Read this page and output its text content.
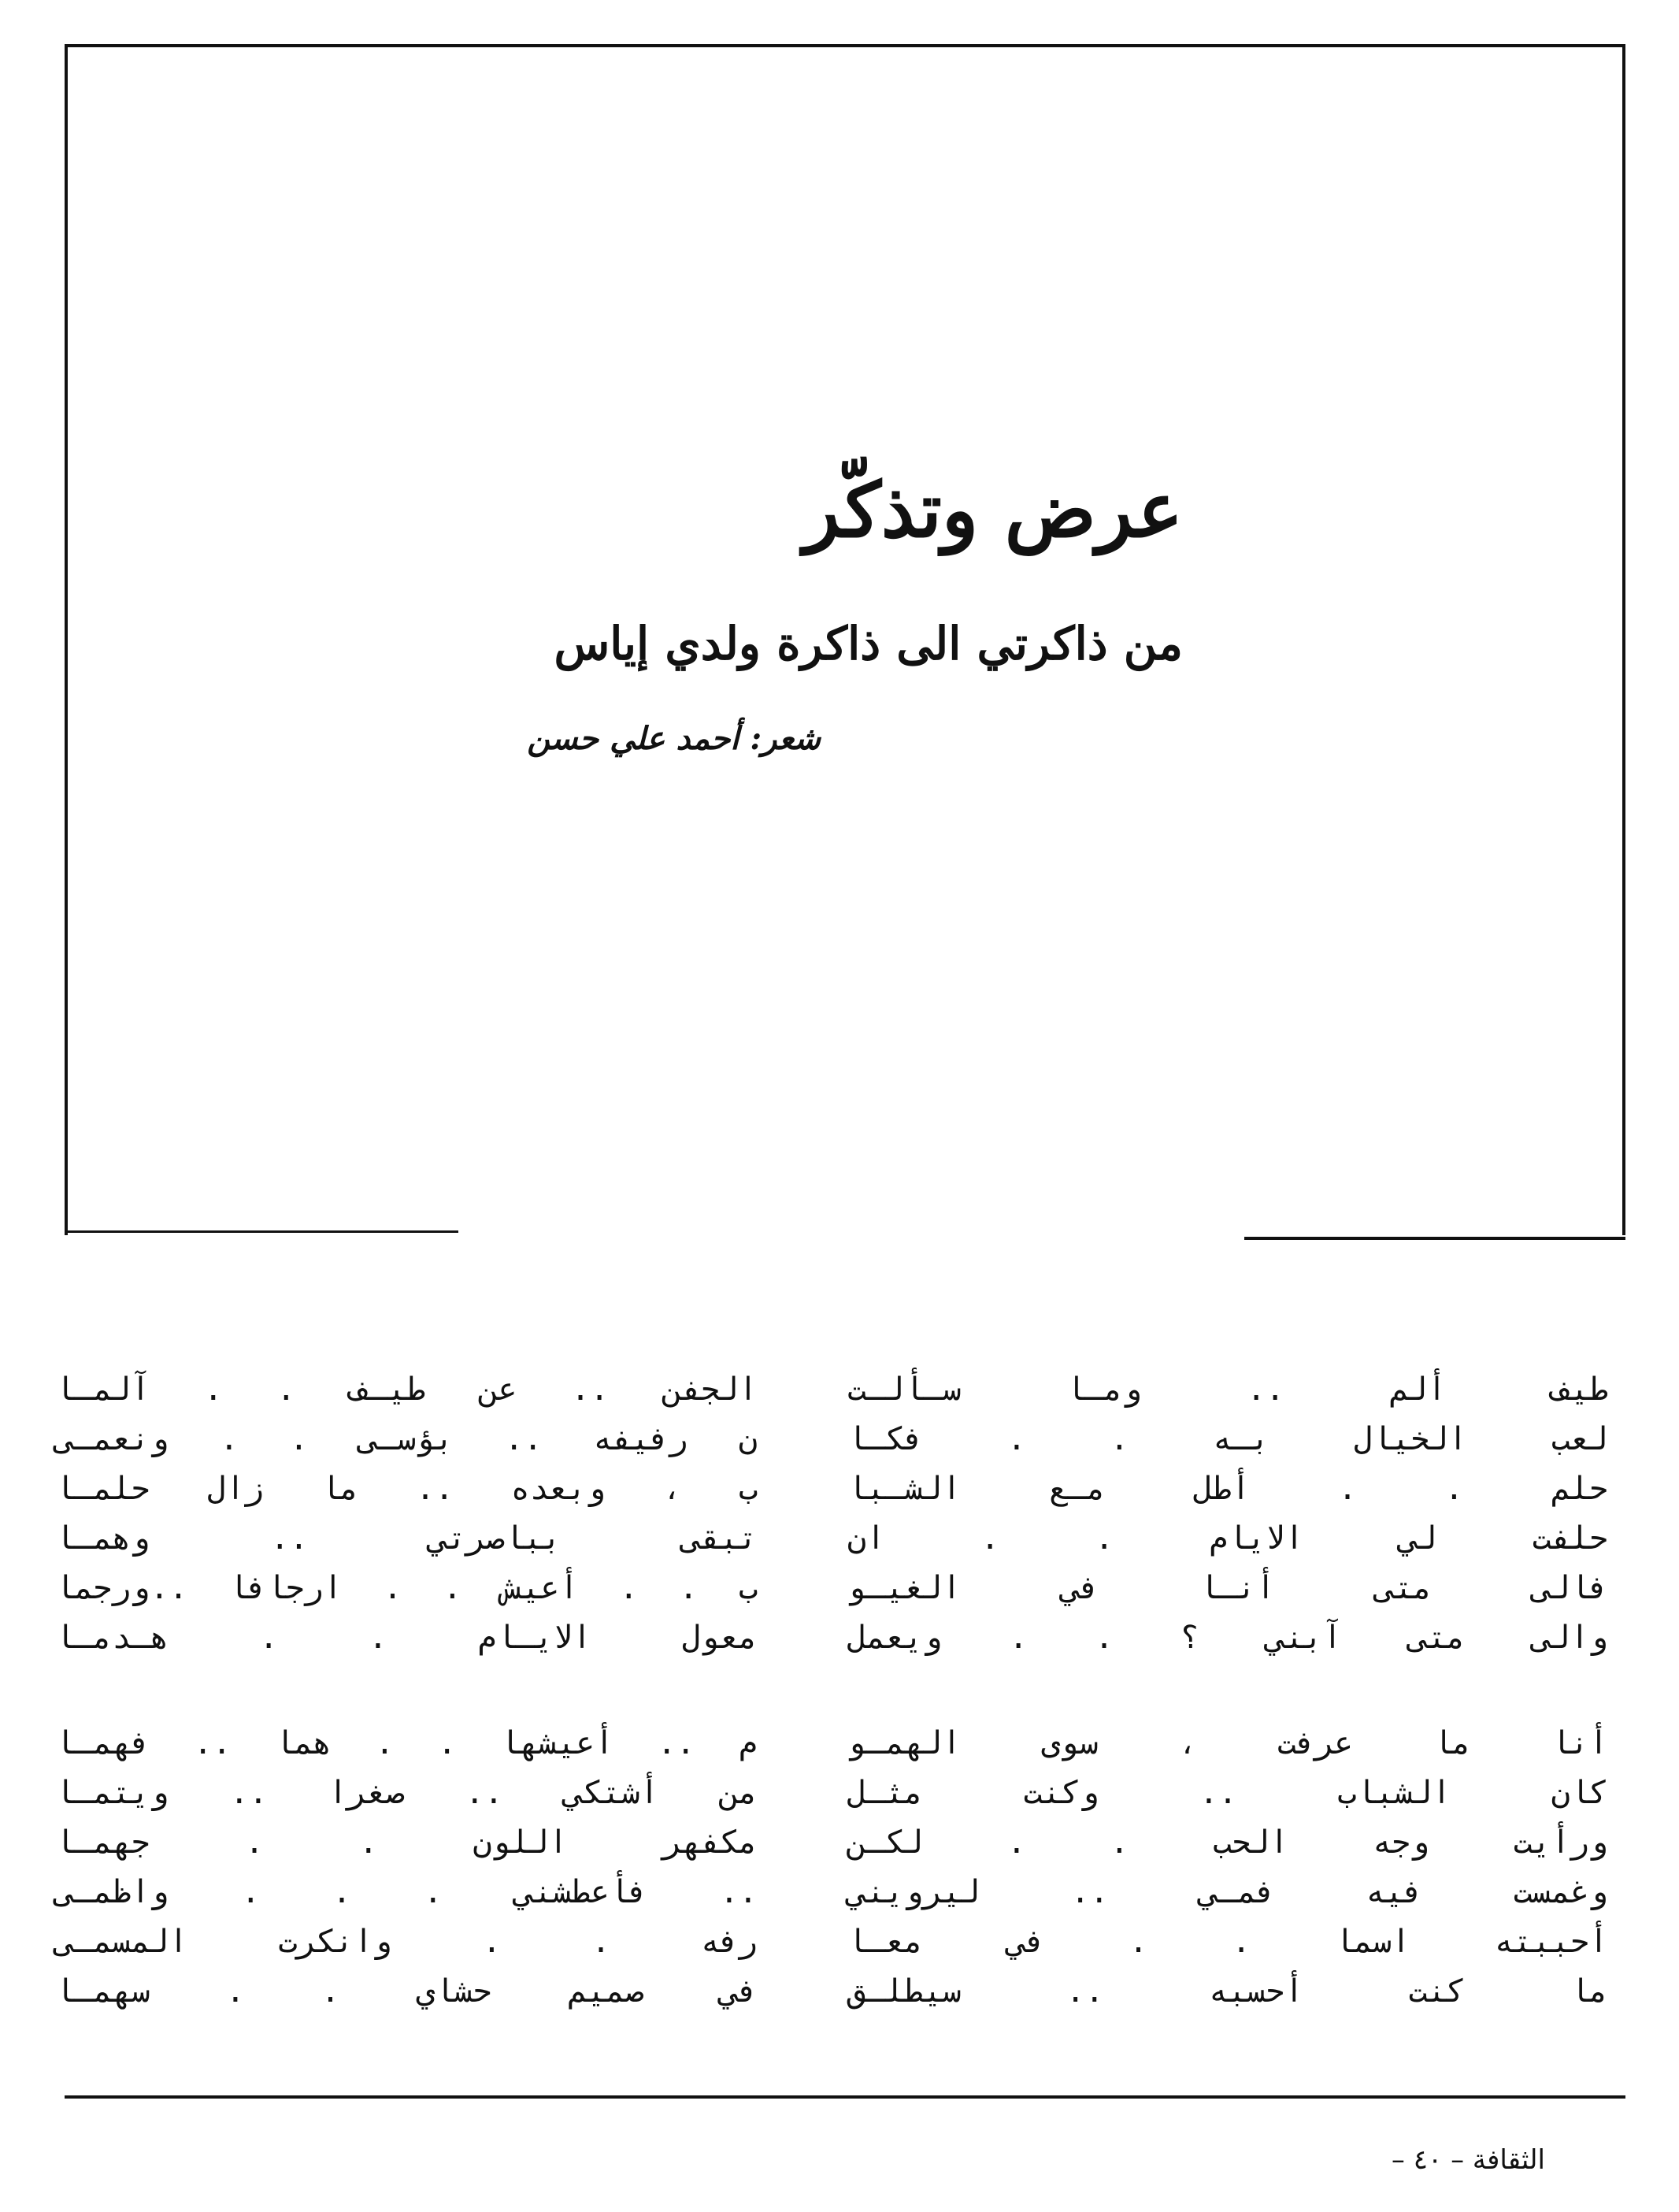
عرض وتذكّر
من ذاكرتي الى ذاكرة ولدي إياس
شعر: أحمد علي حسن
طيف ألم .. ومـا سـألـت
لعب الخيال بـه . . فكـا
حلم . . أطل مـع الشـبا
حلفت لي الايام . . ان
فالى متى أنـا في الغيـو
والى متى آبني ؟ . . ويعمل
الجفن .. عن طيـف . . آلمـا
ن رفيفه .. بؤسـى . . ونعمـى
ب ، وبعده .. ما زال حلمـا
تبقى بباصرتي .. وهمـا
ب . . أعيش . . ارجافا ..ورجما
معول الايـام . . هـدمـا
أنا ما عرفت ، سوى الهمـو
كان الشباب .. وكنت مثـل
ورأيت وجه الحب . . لكـن
وغمست فيه فمـي .. ليرويني
أحببته اسما . . في معـا
ما كنت أحسبه .. سيطلـق
م .. أعيشها . . هما .. فهمـا
من أشتكي .. صغرا .. ويتمـا
مكفهر اللون . . جهمـا
.. فأعطشني . . . واظمـى
رفه . . وانكرت المسمـى
في صميم حشاي . . سهمـا
الثقافة – ٤٠ –
